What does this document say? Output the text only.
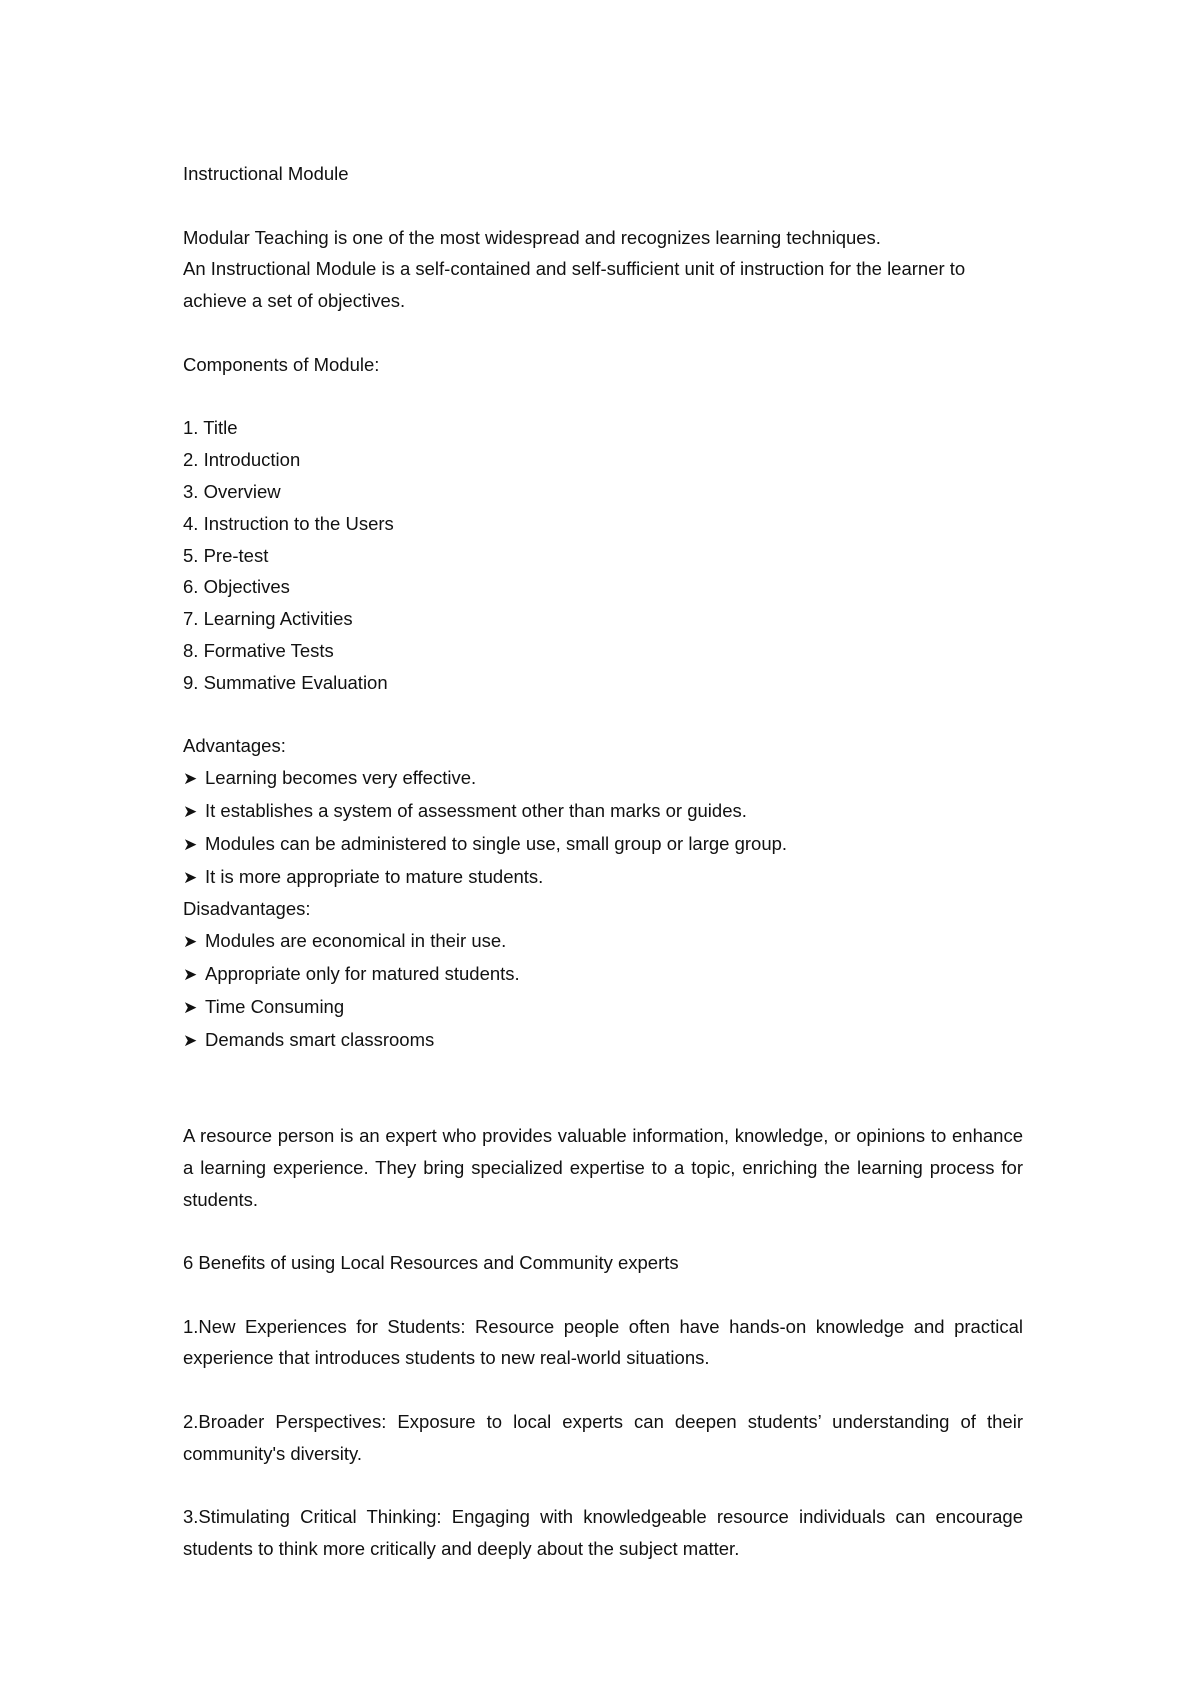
Instructional Module

Modular Teaching is one of the most widespread and recognizes learning techniques.

An Instructional Module is a self-contained and self-sufficient unit of instruction for the learner to achieve a set of objectives.

Components of Module:

1. Title
2. Introduction
3. Overview
4. Instruction to the Users
5. Pre-test
6. Objectives
7. Learning Activities
8. Formative Tests
9. Summative Evaluation

Advantages:

➤ Learning becomes very effective.
➤ It establishes a system of assessment other than marks or guides.
➤ Modules can be administered to single use, small group or large group.
➤ It is more appropriate to mature students.

Disadvantages:

➤ Modules are economical in their use.
➤ Appropriate only for matured students.
➤ Time Consuming
➤ Demands smart classrooms

A resource person is an expert who provides valuable information, knowledge, or opinions to enhance a learning experience. They bring specialized expertise to a topic, enriching the learning process for students.

6 Benefits of using Local Resources and Community experts

1.New Experiences for Students: Resource people often have hands-on knowledge and practical experience that introduces students to new real-world situations.

2.Broader Perspectives: Exposure to local experts can deepen students’ understanding of their community's diversity.

3.Stimulating Critical Thinking: Engaging with knowledgeable resource individuals can encourage students to think more critically and deeply about the subject matter.
